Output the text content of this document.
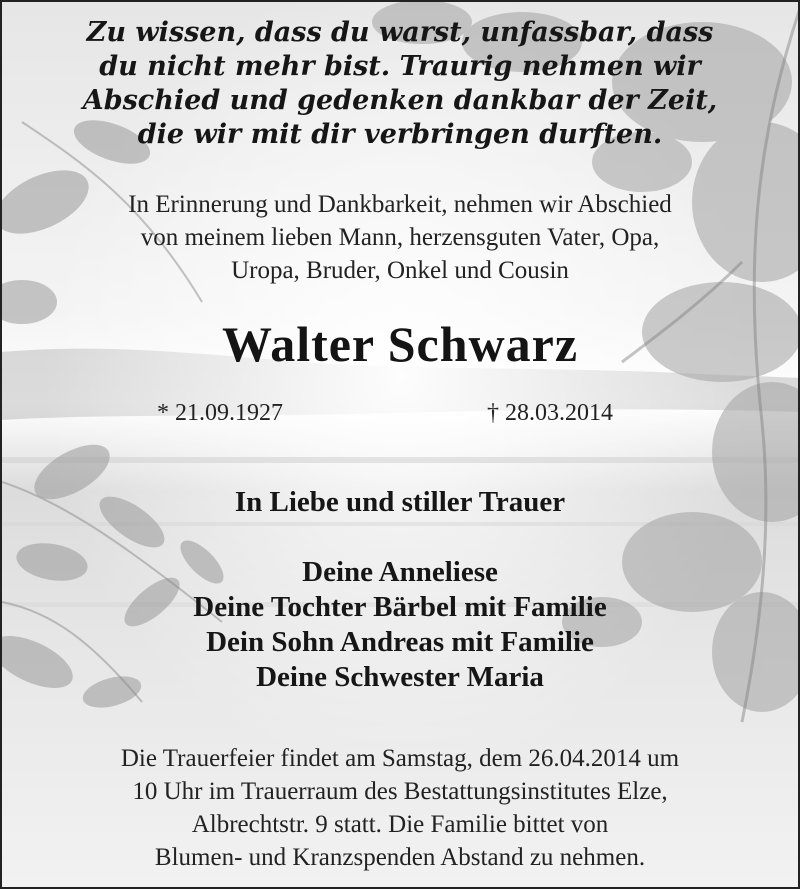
Zu wissen, dass du warst, unfassbar, dass
du nicht mehr bist. Traurig nehmen wir
Abschied und gedenken dankbar der Zeit,
die wir mit dir verbringen durften.
In Erinnerung und Dankbarkeit, nehmen wir Abschied
von meinem lieben Mann, herzensguten Vater, Opa,
Uropa, Bruder, Onkel und Cousin
Walter Schwarz
* 21.09.1927	† 28.03.2014
In Liebe und stiller Trauer
Deine Anneliese
Deine Tochter Bärbel mit Familie
Dein Sohn Andreas mit Familie
Deine Schwester Maria
Die Trauerfeier findet am Samstag, dem 26.04.2014 um
10 Uhr im Trauerraum des Bestattungsinstitutes Elze,
Albrechtstr. 9 statt. Die Familie bittet von
Blumen- und Kranzspenden Abstand zu nehmen.
